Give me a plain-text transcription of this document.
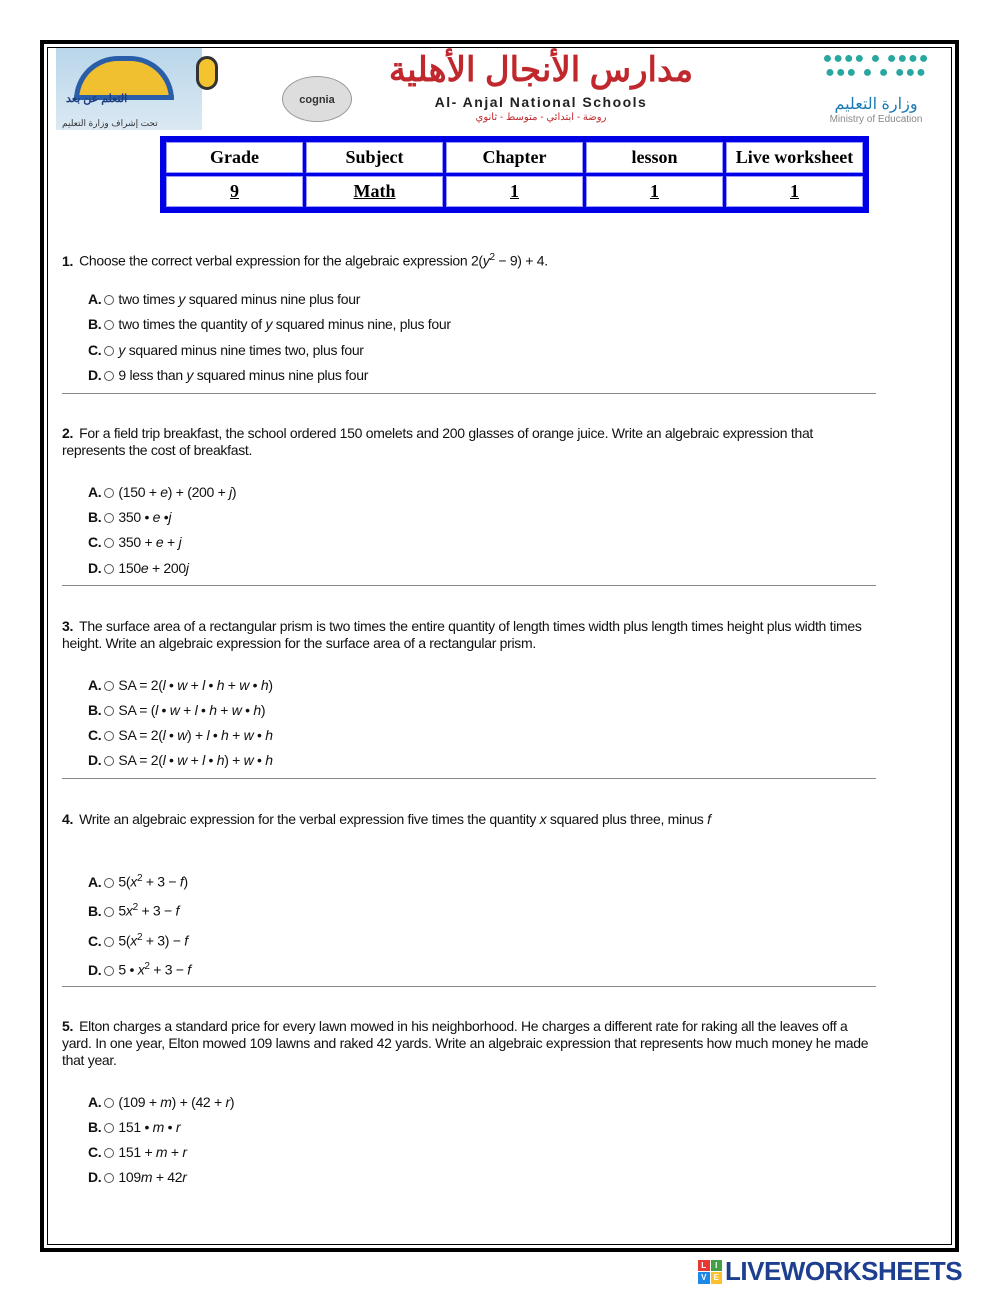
التعلم عن بعد
تحت إشراف وزارة التعليم
cognia
مدارس الأنجال الأهلية
Al- Anjal National Schools
روضة - ابتدائي - متوسط - ثانوي
●●●● ● ●●●●
●●● ● ● ●●●
وزارة التعليم
Ministry of Education
Grade	Subject	Chapter	lesson	Live worksheet
9	Math	1	1	1
1. Choose the correct verbal expression for the algebraic expression $2(y^2 - 9) + 4$.
A. two times y squared minus nine plus four
B. two times the quantity of y squared minus nine, plus four
C. y squared minus nine times two, plus four
D. 9 less than y squared minus nine plus four
2. For a field trip breakfast, the school ordered 150 omelets and 200 glasses of orange juice. Write an algebraic expression that represents the cost of breakfast.
A. (150 + e) + (200 + j)
B. 350 • e •j
C. 350 + e + j
D. 150e + 200j
3. The surface area of a rectangular prism is two times the entire quantity of length times width plus length times height plus width times height. Write an algebraic expression for the surface area of a rectangular prism.
A. SA = 2(l • w + l • h + w • h)
B. SA = (l • w + l • h + w • h)
C. SA = 2(l • w) + l • h + w • h
D. SA = 2(l • w + l • h) + w • h
4. Write an algebraic expression for the verbal expression five times the quantity x squared plus three, minus f
A. $5(x^2 + 3 - f)$
B. $5x^2 + 3 - f$
C. $5(x^2 + 3) - f$
D. 5 • $x^2 + 3 - f$
5. Elton charges a standard price for every lawn mowed in his neighborhood. He charges a different rate for raking all the leaves off a yard. In one year, Elton mowed 109 lawns and raked 42 yards. Write an algebraic expression that represents how much money he made that year.
A. (109 + m) + (42 + r)
B. 151 • m • r
C. 151 + m + r
D. 109m + 42r
L	I
V E LIVEWORKSHEETS
